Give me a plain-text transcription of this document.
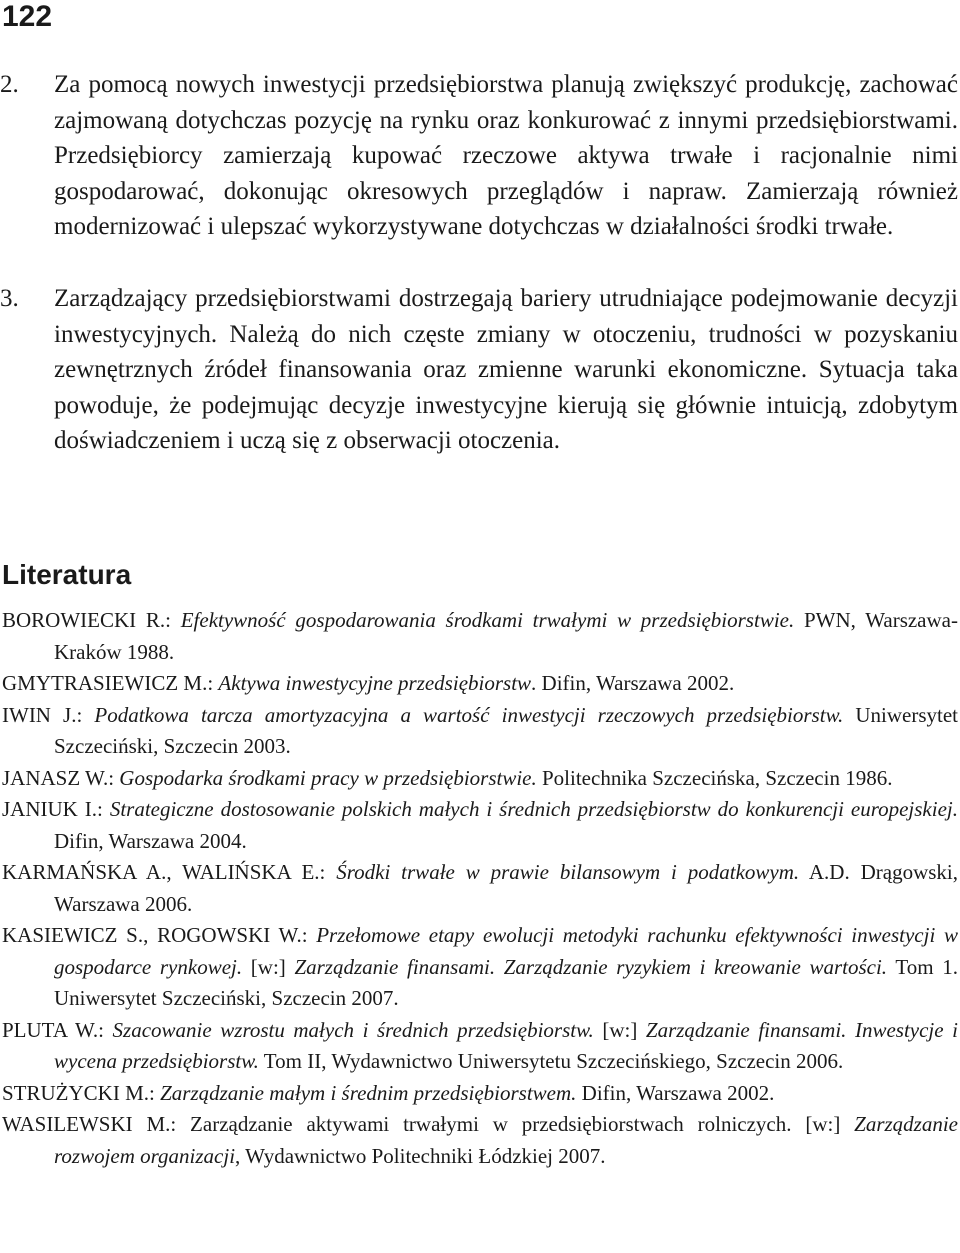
122
2. Za pomocą nowych inwestycji przedsiębiorstwa planują zwiększyć produkcję, zachować zajmowaną dotychczas pozycję na rynku oraz konkurować z innymi przedsiębiorstwami. Przedsiębiorcy zamierzają kupować rzeczowe aktywa trwałe i racjonalnie nimi gospodarować, dokonując okresowych przeglądów i napraw. Zamierzają również modernizować i ulepszać wykorzystywane dotychczas w działalności środki trwałe.
3. Zarządzający przedsiębiorstwami dostrzegają bariery utrudniające podejmowanie decyzji inwestycyjnych. Należą do nich częste zmiany w otoczeniu, trudności w pozyskaniu zewnętrznych źródeł finansowania oraz zmienne warunki ekonomiczne. Sytuacja taka powoduje, że podejmując decyzje inwestycyjne kierują się głównie intuicją, zdobytym doświadczeniem i uczą się z obserwacji otoczenia.
Literatura
BOROWIECKI R.: Efektywność gospodarowania środkami trwałymi w przedsiębiorstwie. PWN, Warszawa-Kraków 1988.
GMYTRASIEWICZ M.: Aktywa inwestycyjne przedsiębiorstw. Difin, Warszawa 2002.
IWIN J.: Podatkowa tarcza amortyzacyjna a wartość inwestycji rzeczowych przedsiębiorstw. Uniwersytet Szczeciński, Szczecin 2003.
JANASZ W.: Gospodarka środkami pracy w przedsiębiorstwie. Politechnika Szczecińska, Szczecin 1986.
JANIUK I.: Strategiczne dostosowanie polskich małych i średnich przedsiębiorstw do konkurencji europejskiej. Difin, Warszawa 2004.
KARMAŃSKA A., WALIŃSKA E.: Środki trwałe w prawie bilansowym i podatkowym. A.D. Drągowski, Warszawa 2006.
KASIEWICZ S., ROGOWSKI W.: Przełomowe etapy ewolucji metodyki rachunku efektywności inwestycji w gospodarce rynkowej. [w:] Zarządzanie finansami. Zarządzanie ryzykiem i kreowanie wartości. Tom 1. Uniwersytet Szczeciński, Szczecin 2007.
PLUTA W.: Szacowanie wzrostu małych i średnich przedsiębiorstw. [w:] Zarządzanie finansami. Inwestycje i wycena przedsiębiorstw. Tom II, Wydawnictwo Uniwersytetu Szczecińskiego, Szczecin 2006.
STRUŻYCKI M.: Zarządzanie małym i średnim przedsiębiorstwem. Difin, Warszawa 2002.
WASILEWSKI M.: Zarządzanie aktywami trwałymi w przedsiębiorstwach rolniczych. [w:] Zarządzanie rozwojem organizacji, Wydawnictwo Politechniki Łódzkiej 2007.
